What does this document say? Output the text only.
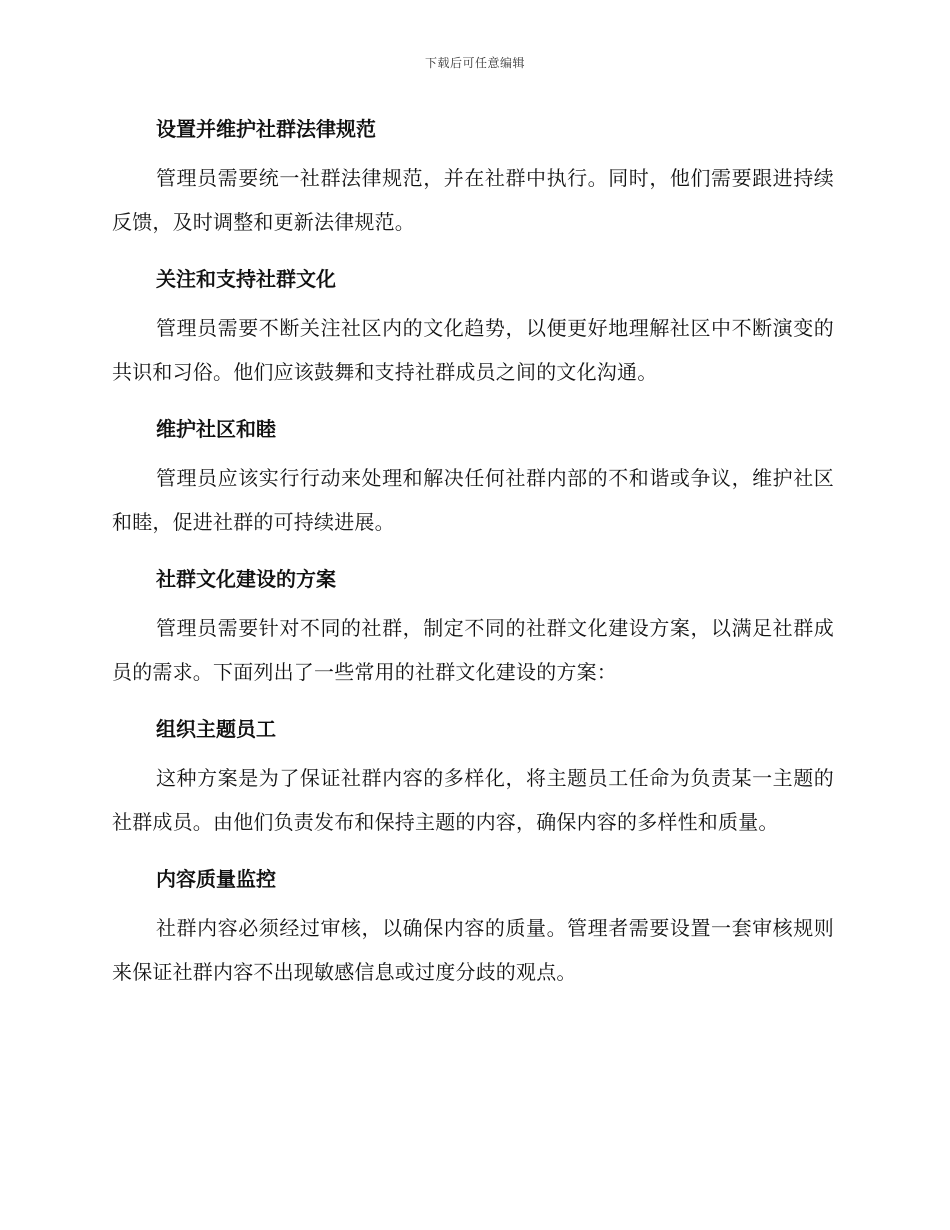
下载后可任意编辑
设置并维护社群法律规范

管理员需要统一社群法律规范，并在社群中执行。同时，他们需要跟进持续反馈，及时调整和更新法律规范。

关注和支持社群文化

管理员需要不断关注社区内的文化趋势，以便更好地理解社区中不断演变的共识和习俗。他们应该鼓舞和支持社群成员之间的文化沟通。

维护社区和睦

管理员应该实行行动来处理和解决任何社群内部的不和谐或争议，维护社区和睦，促进社群的可持续进展。

社群文化建设的方案

管理员需要针对不同的社群，制定不同的社群文化建设方案，以满足社群成员的需求。下面列出了一些常用的社群文化建设的方案：

组织主题员工

这种方案是为了保证社群内容的多样化，将主题员工任命为负责某一主题的社群成员。由他们负责发布和保持主题的内容，确保内容的多样性和质量。

内容质量监控

社群内容必须经过审核，以确保内容的质量。管理者需要设置一套审核规则来保证社群内容不出现敏感信息或过度分歧的观点。
